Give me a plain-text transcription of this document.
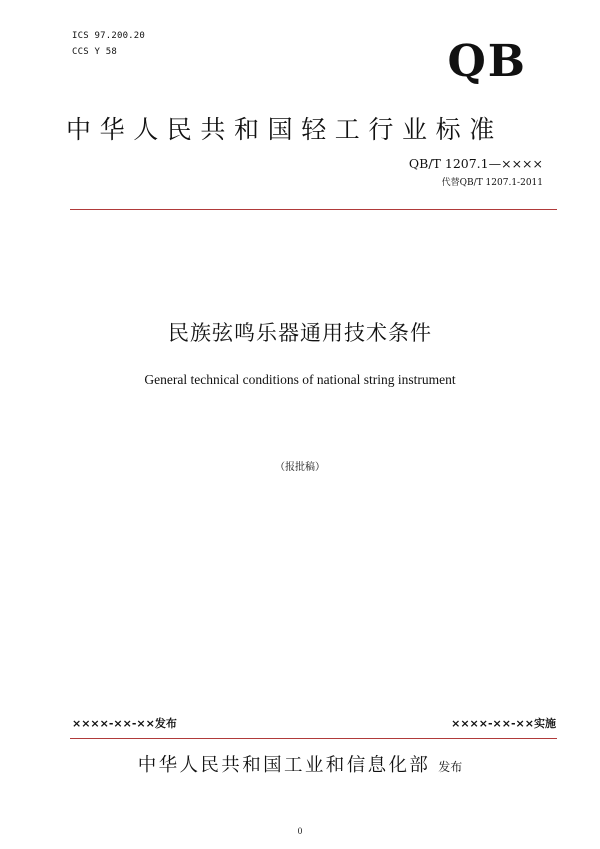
ICS 97.200.20
CCS Y 58	QB
中华人民共和国轻工行业标准
QB/T 1207.1—××××
代替QB/T 1207.1-2011
民族弦鸣乐器通用技术条件
General technical conditions of national string instrument
（报批稿）
××××-××-××发布	××××-××-××实施
中华人民共和国工业和信息化部 发布
0
